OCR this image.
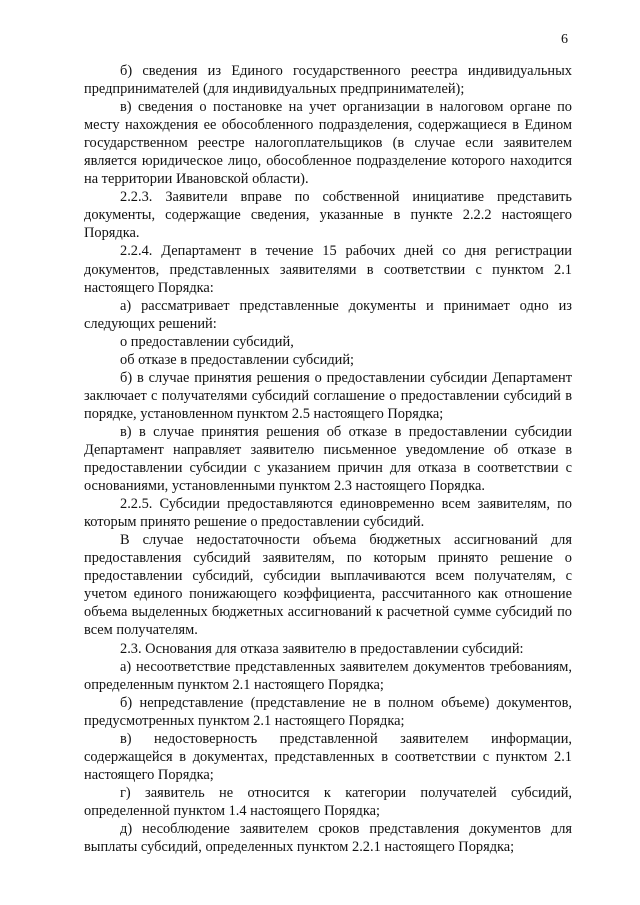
6

б) сведения из Единого государственного реестра индивидуальных предпринимателей (для индивидуальных предпринимателей);

в) сведения о постановке на учет организации в налоговом органе по месту нахождения ее обособленного подразделения, содержащиеся в Едином государственном реестре налогоплательщиков (в случае если заявителем является юридическое лицо, обособленное подразделение которого находится на территории Ивановской области).

2.2.3. Заявители вправе по собственной инициативе представить документы, содержащие сведения, указанные в пункте 2.2.2 настоящего Порядка.

2.2.4. Департамент в течение 15 рабочих дней со дня регистрации документов, представленных заявителями в соответствии с пунктом 2.1 настоящего Порядка:

а) рассматривает представленные документы и принимает одно из следующих решений:

о предоставлении субсидий,

об отказе в предоставлении субсидий;

б) в случае принятия решения о предоставлении субсидии Департамент заключает с получателями субсидий соглашение о предоставлении субсидий в порядке, установленном пунктом 2.5 настоящего Порядка;

в) в случае принятия решения об отказе в предоставлении субсидии Департамент направляет заявителю письменное уведомление об отказе в предоставлении субсидии с указанием причин для отказа в соответствии с основаниями, установленными пунктом 2.3 настоящего Порядка.

2.2.5. Субсидии предоставляются единовременно всем заявителям, по которым принято решение о предоставлении субсидий.

В случае недостаточности объема бюджетных ассигнований для предоставления субсидий заявителям, по которым принято решение о предоставлении субсидий, субсидии выплачиваются всем получателям, с учетом единого понижающего коэффициента, рассчитанного как отношение объема выделенных бюджетных ассигнований к расчетной сумме субсидий по всем получателям.

2.3. Основания для отказа заявителю в предоставлении субсидий:

а) несоответствие представленных заявителем документов требованиям, определенным пунктом 2.1 настоящего Порядка;

б) непредставление (представление не в полном объеме) документов, предусмотренных пунктом 2.1 настоящего Порядка;

в) недостоверность представленной заявителем информации, содержащейся в документах, представленных в соответствии с пунктом 2.1 настоящего Порядка;

г) заявитель не относится к категории получателей субсидий, определенной пунктом 1.4 настоящего Порядка;

д) несоблюдение заявителем сроков представления документов для выплаты субсидий, определенных пунктом 2.2.1 настоящего Порядка;
